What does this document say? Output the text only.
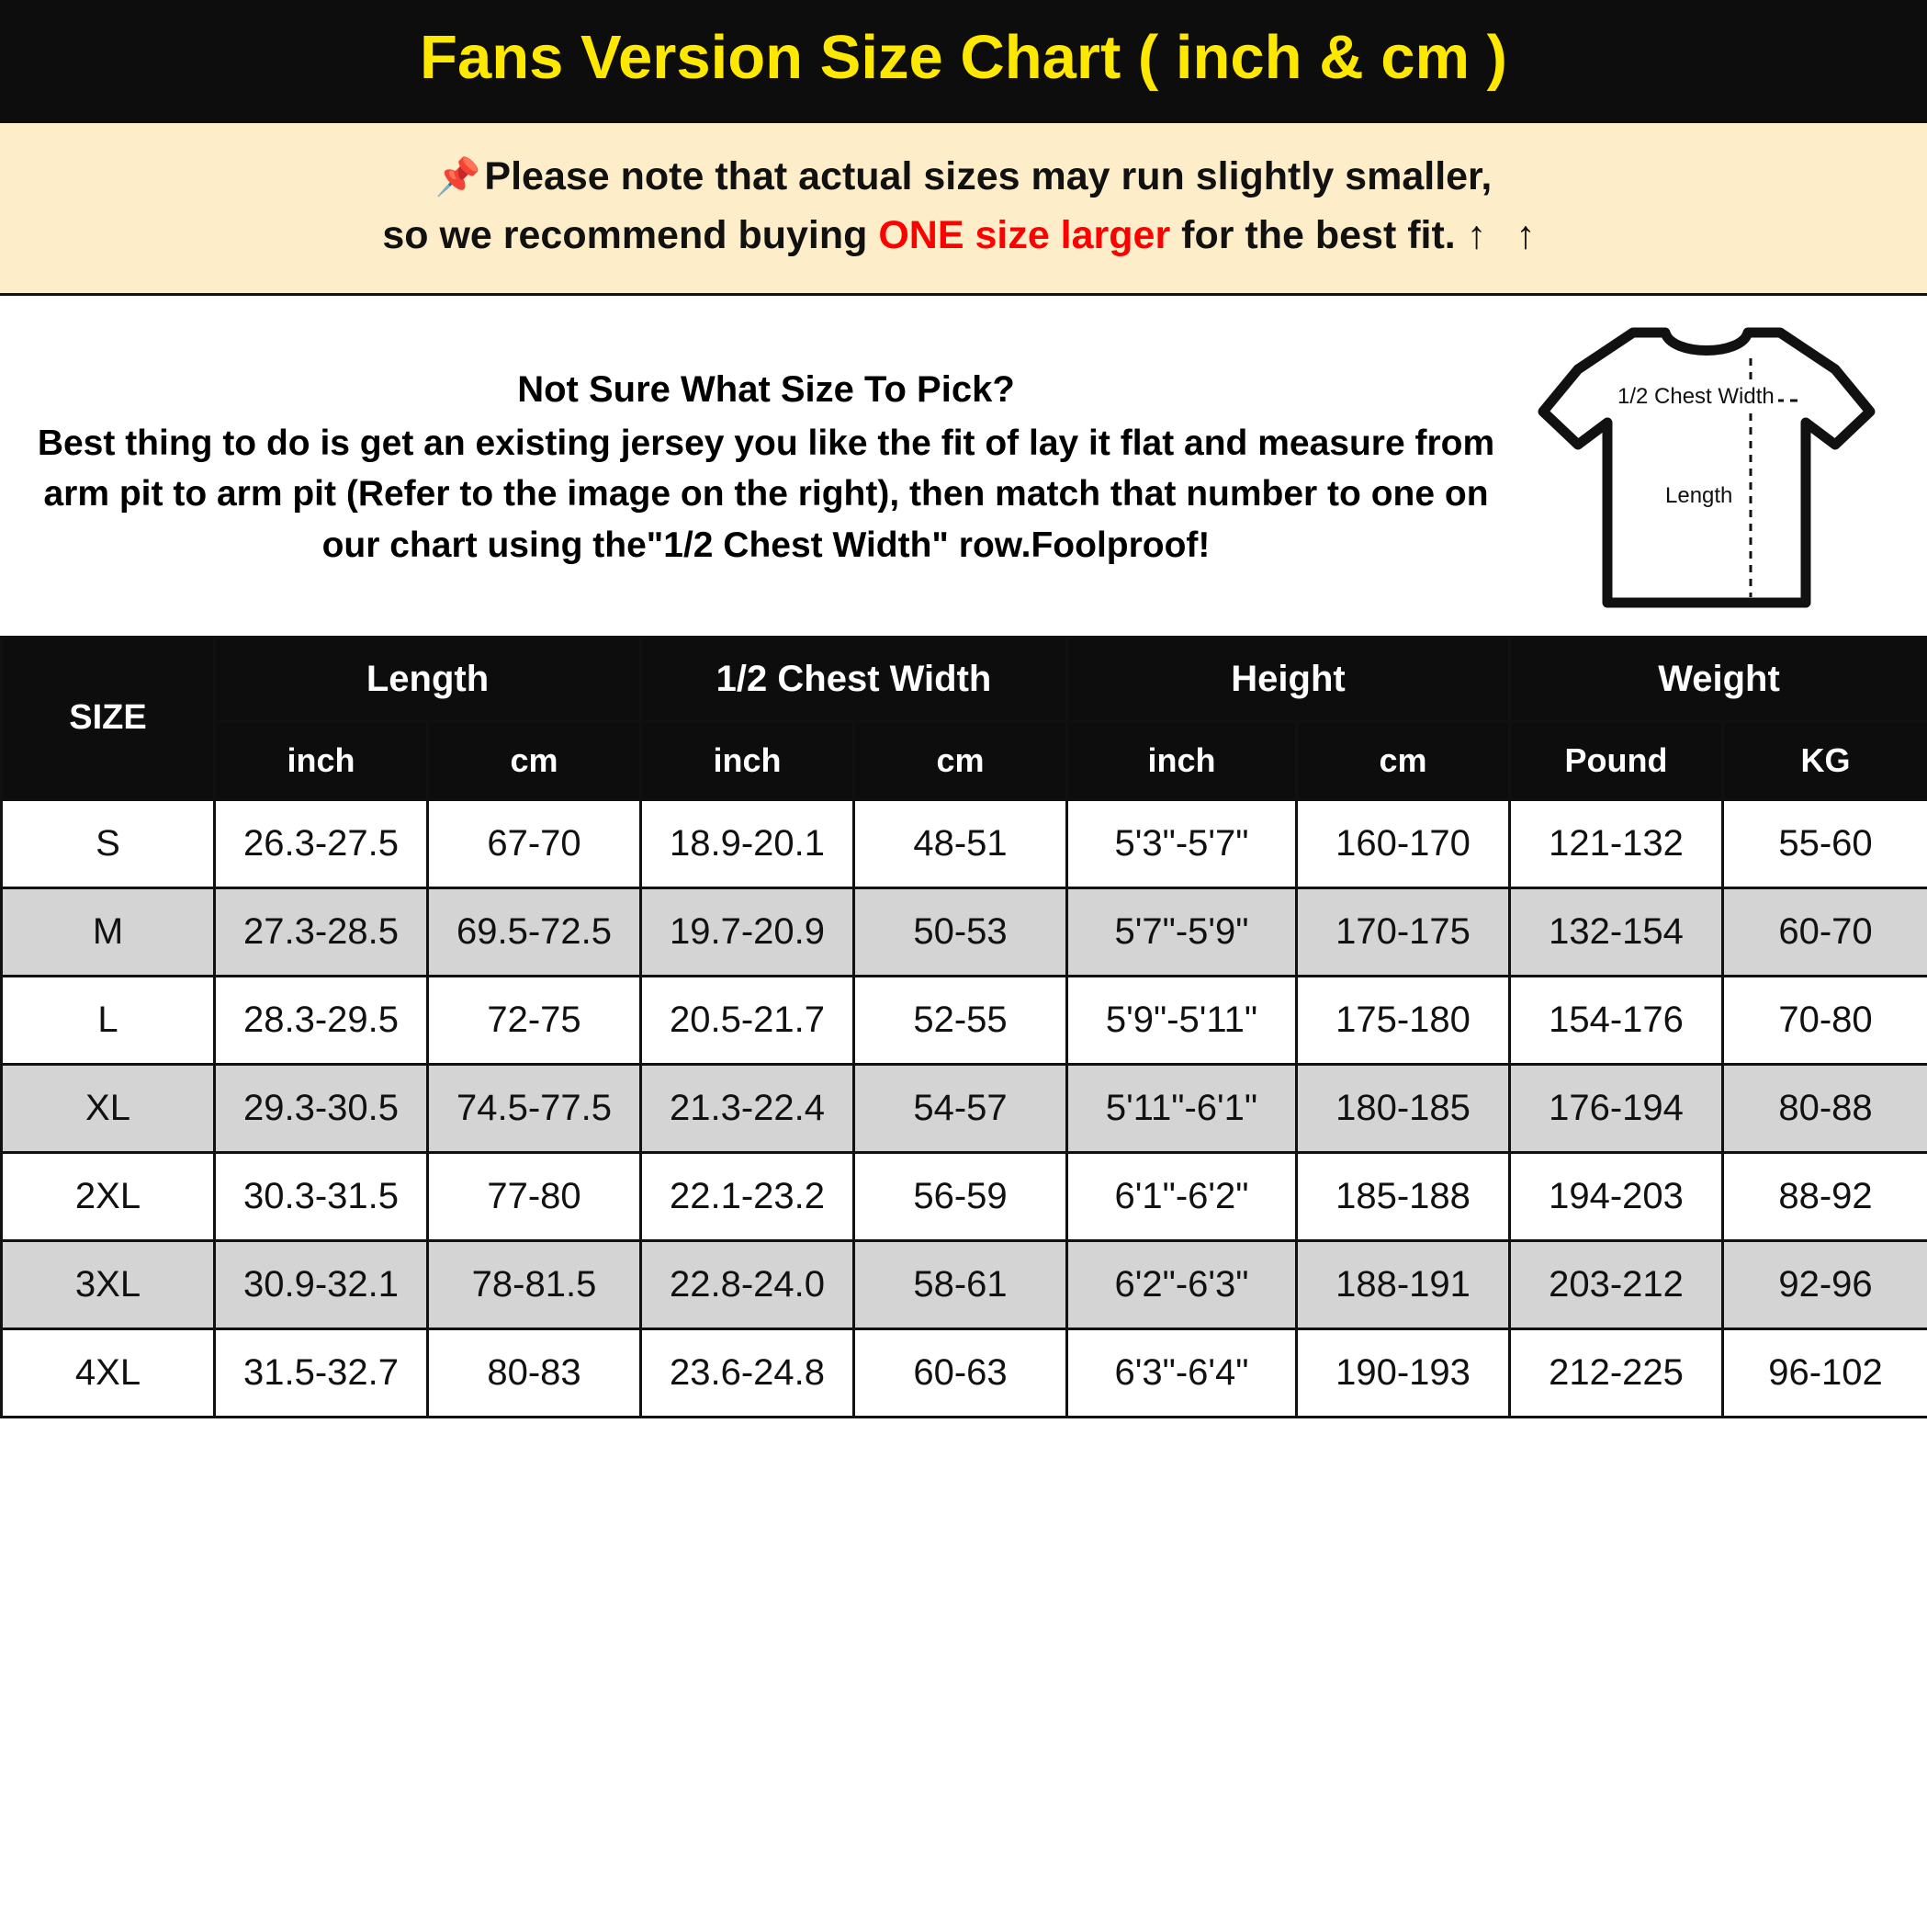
Fans Version Size Chart ( inch & cm )
📌Please note that actual sizes may run slightly smaller,
so we recommend buying ONE size larger for the best fit. ↑ ↑
Not Sure What Size To Pick?
Best thing to do is get an existing jersey you like the fit of lay it flat and measure from arm pit to arm pit (Refer to the image on the right), then match that number to one on our chart using the"1/2 Chest Width" row.Foolproof!
1/2 Chest Width
Length
SIZE	Length		1/2 Chest Width		Height		Weight	
	inch	cm	inch	cm	inch	cm	Pound	KG
S	26.3-27.5	67-70	18.9-20.1	48-51	5'3"-5'7"	160-170	121-132	55-60
M	27.3-28.5	69.5-72.5	19.7-20.9	50-53	5'7"-5'9"	170-175	132-154	60-70
L	28.3-29.5	72-75	20.5-21.7	52-55	5'9"-5'11"	175-180	154-176	70-80
XL	29.3-30.5	74.5-77.5	21.3-22.4	54-57	5'11"-6'1"	180-185	176-194	80-88
2XL	30.3-31.5	77-80	22.1-23.2	56-59	6'1"-6'2"	185-188	194-203	88-92
3XL	30.9-32.1	78-81.5	22.8-24.0	58-61	6'2"-6'3"	188-191	203-212	92-96
4XL	31.5-32.7	80-83	23.6-24.8	60-63	6'3"-6'4"	190-193	212-225	96-102
